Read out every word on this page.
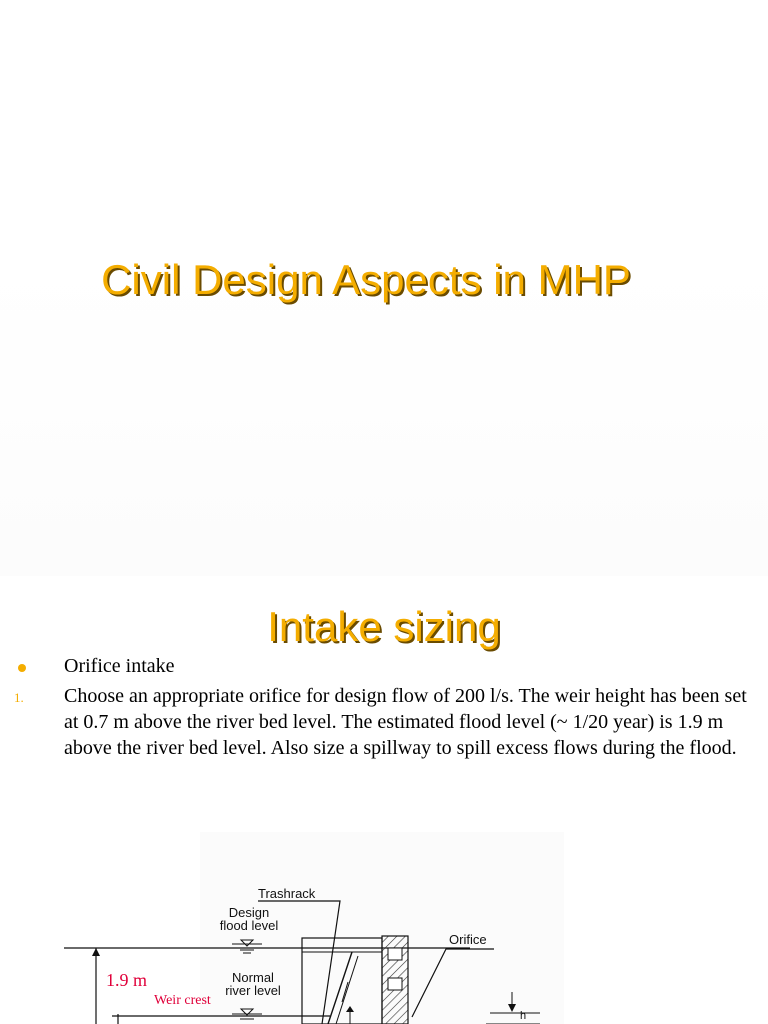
Civil Design Aspects in MHP
Intake sizing
Orifice intake
1.	Choose an appropriate orifice for design flow of 200 l/s. The weir height has been set at 0.7 m above the river bed level. The estimated flood level (~ 1/20 year) is 1.9 m above the river bed level. Also size a spillway to spill excess flows during the flood.
Trashrack
Design
flood level
Normal
river level
Orifice
1.9 m
Weir crest
h
